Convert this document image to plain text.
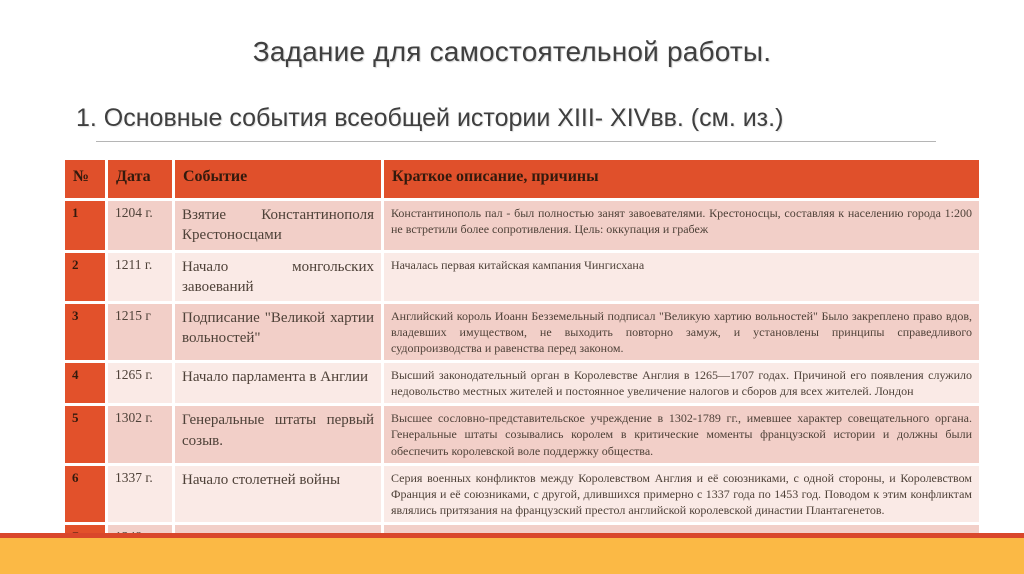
Задание для самостоятельной работы.
1. Основные события всеобщей истории XIII- XIVвв. (см. из.)
№	Дата	Событие	Краткое описание, причины
1	1204 г.	Взятие Константинополя Крестоносцами	Константинополь пал - был полностью занят завоевателями. Крестоносцы, составляя к населению города 1:200 не встретили более сопротивления. Цель: оккупация и грабеж
2	1211 г.	Начало монгольских завоеваний	Началась первая китайская кампания Чингисхана
3	1215 г	Подписание "Великой хартии вольностей"	Английский король Иоанн Безземельный подписал "Великую хартию вольностей" Было закреплено право вдов, владевших имуществом, не выходить повторно замуж, и установлены принципы справедливого судопроизводства и равенства перед законом.
4	1265 г.	Начало парламента в Англии	Высший законодательный орган в Королевстве Англия в 1265—1707 годах. Причиной его появления служило недовольство местных жителей и постоянное увеличение налогов и сборов для всех жителей. Лондон
5	1302 г.	Генеральные штаты первый созыв.	Высшее сословно-представительское учреждение в 1302-1789 гг., имевшее характер совещательного органа. Генеральные штаты созывались королем в критические моменты французской истории и должны были обеспечить королевской воле поддержку общества.
6	1337 г.	Начало столетней войны	Серия военных конфликтов между Королевством Англия и её союзниками, с одной стороны, и Королевством Франция и её союзниками, с другой, длившихся примерно с 1337 года по 1453 год. Поводом к этим конфликтам являлись притязания на французский престол английской королевской династии Плантагенетов.
